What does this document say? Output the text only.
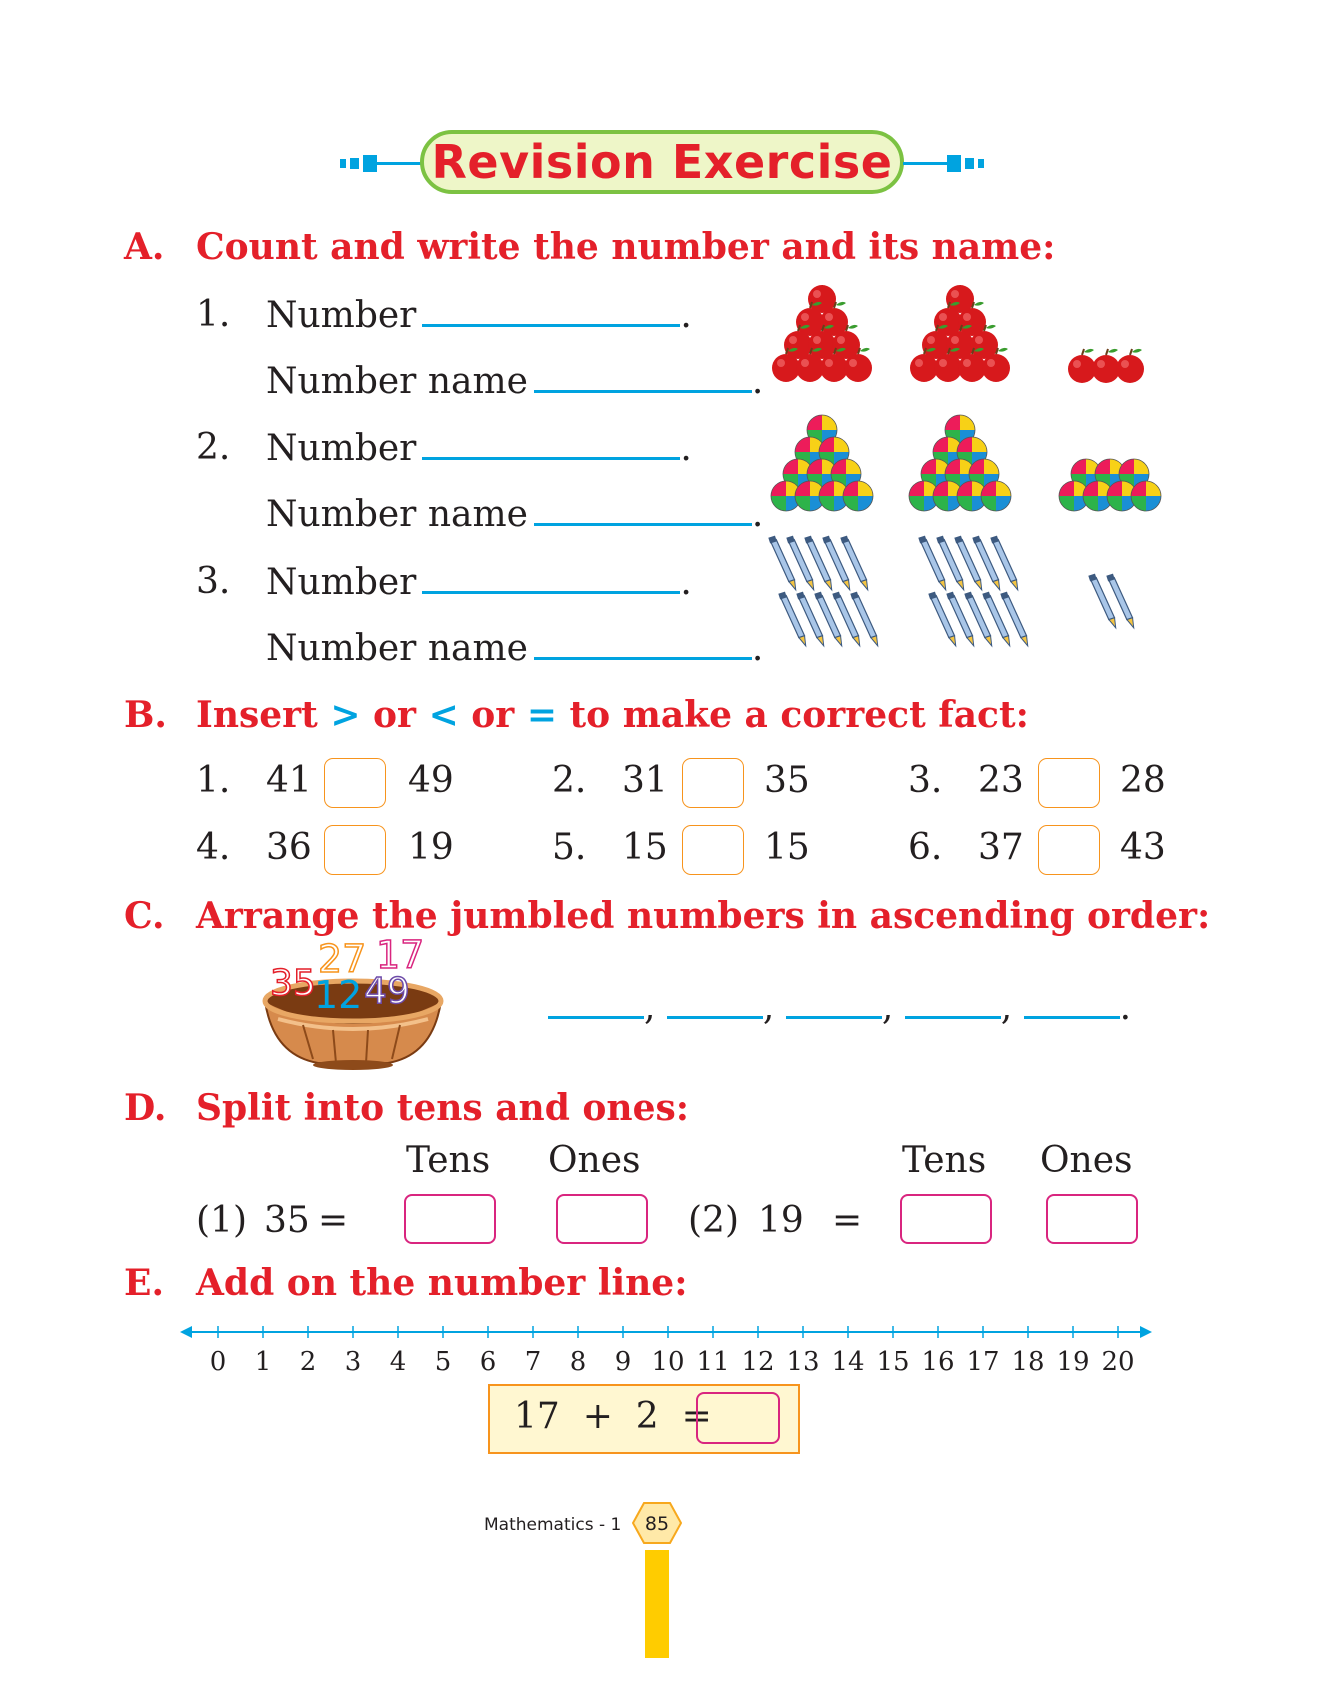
Revision Exercise
A. Count and write the number and its name:
1. Number	.
Number name	.
2. Number	.
Number name	.
3. Number	.
Number name	.
B. Insert > or < or = to make a correct fact:
1. 41	49	2. 31	35	3. 23	28
4. 36	19	5. 15	15	6. 37	43
C. Arrange the jumbled numbers in ascending order:
35
27 17
12 49	,	,	,	,	.
D. Split into tens and ones:
Tens Ones	Tens Ones
(1) 35 =	(2) 19 =
E. Add on the number line:
0	1	2	3	4	5	6	7	8	9 10 11 12 13 14 15 16 17 18 19 20
17 + 2 =
Mathematics - 1	85
